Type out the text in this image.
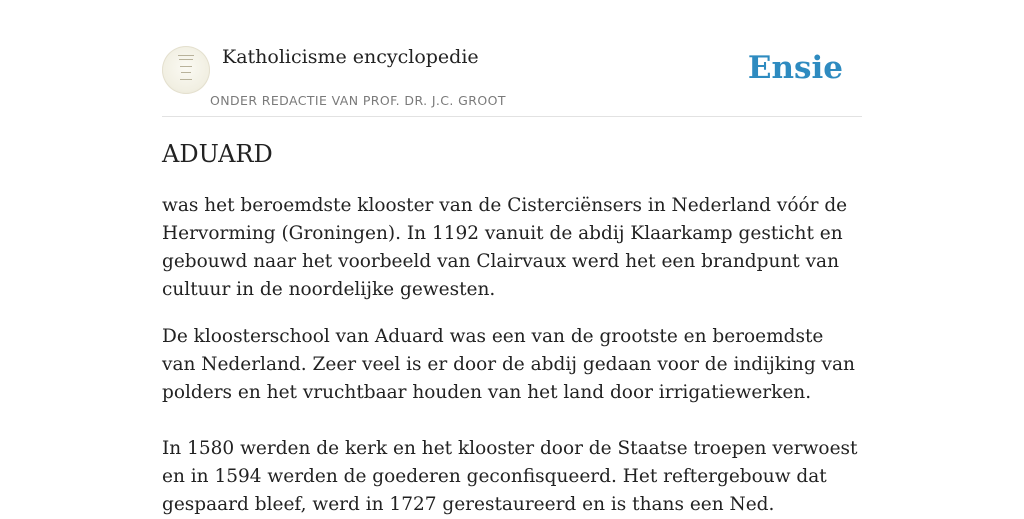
Katholicisme encyclopedie
ONDER REDACTIE VAN PROF. DR. J.C. GROOT
Ensie
ADUARD

was het beroemdste klooster van de Cisterciënsers in Nederland vóór de Hervorming (Groningen). In 1192 vanuit de abdij Klaarkamp gesticht en gebouwd naar het voorbeeld van Clairvaux werd het een brandpunt van cultuur in de noordelijke gewesten.

De kloosterschool van Aduard was een van de grootste en beroemdste van Nederland. Zeer veel is er door de abdij gedaan voor de indijking van polders en het vruchtbaar houden van het land door irrigatiewerken.

In 1580 werden de kerk en het klooster door de Staatse troepen verwoest en in 1594 werden de goederen geconfisqueerd. Het reftergebouw dat gespaard bleef, werd in 1727 gerestaureerd en is thans een Ned.
